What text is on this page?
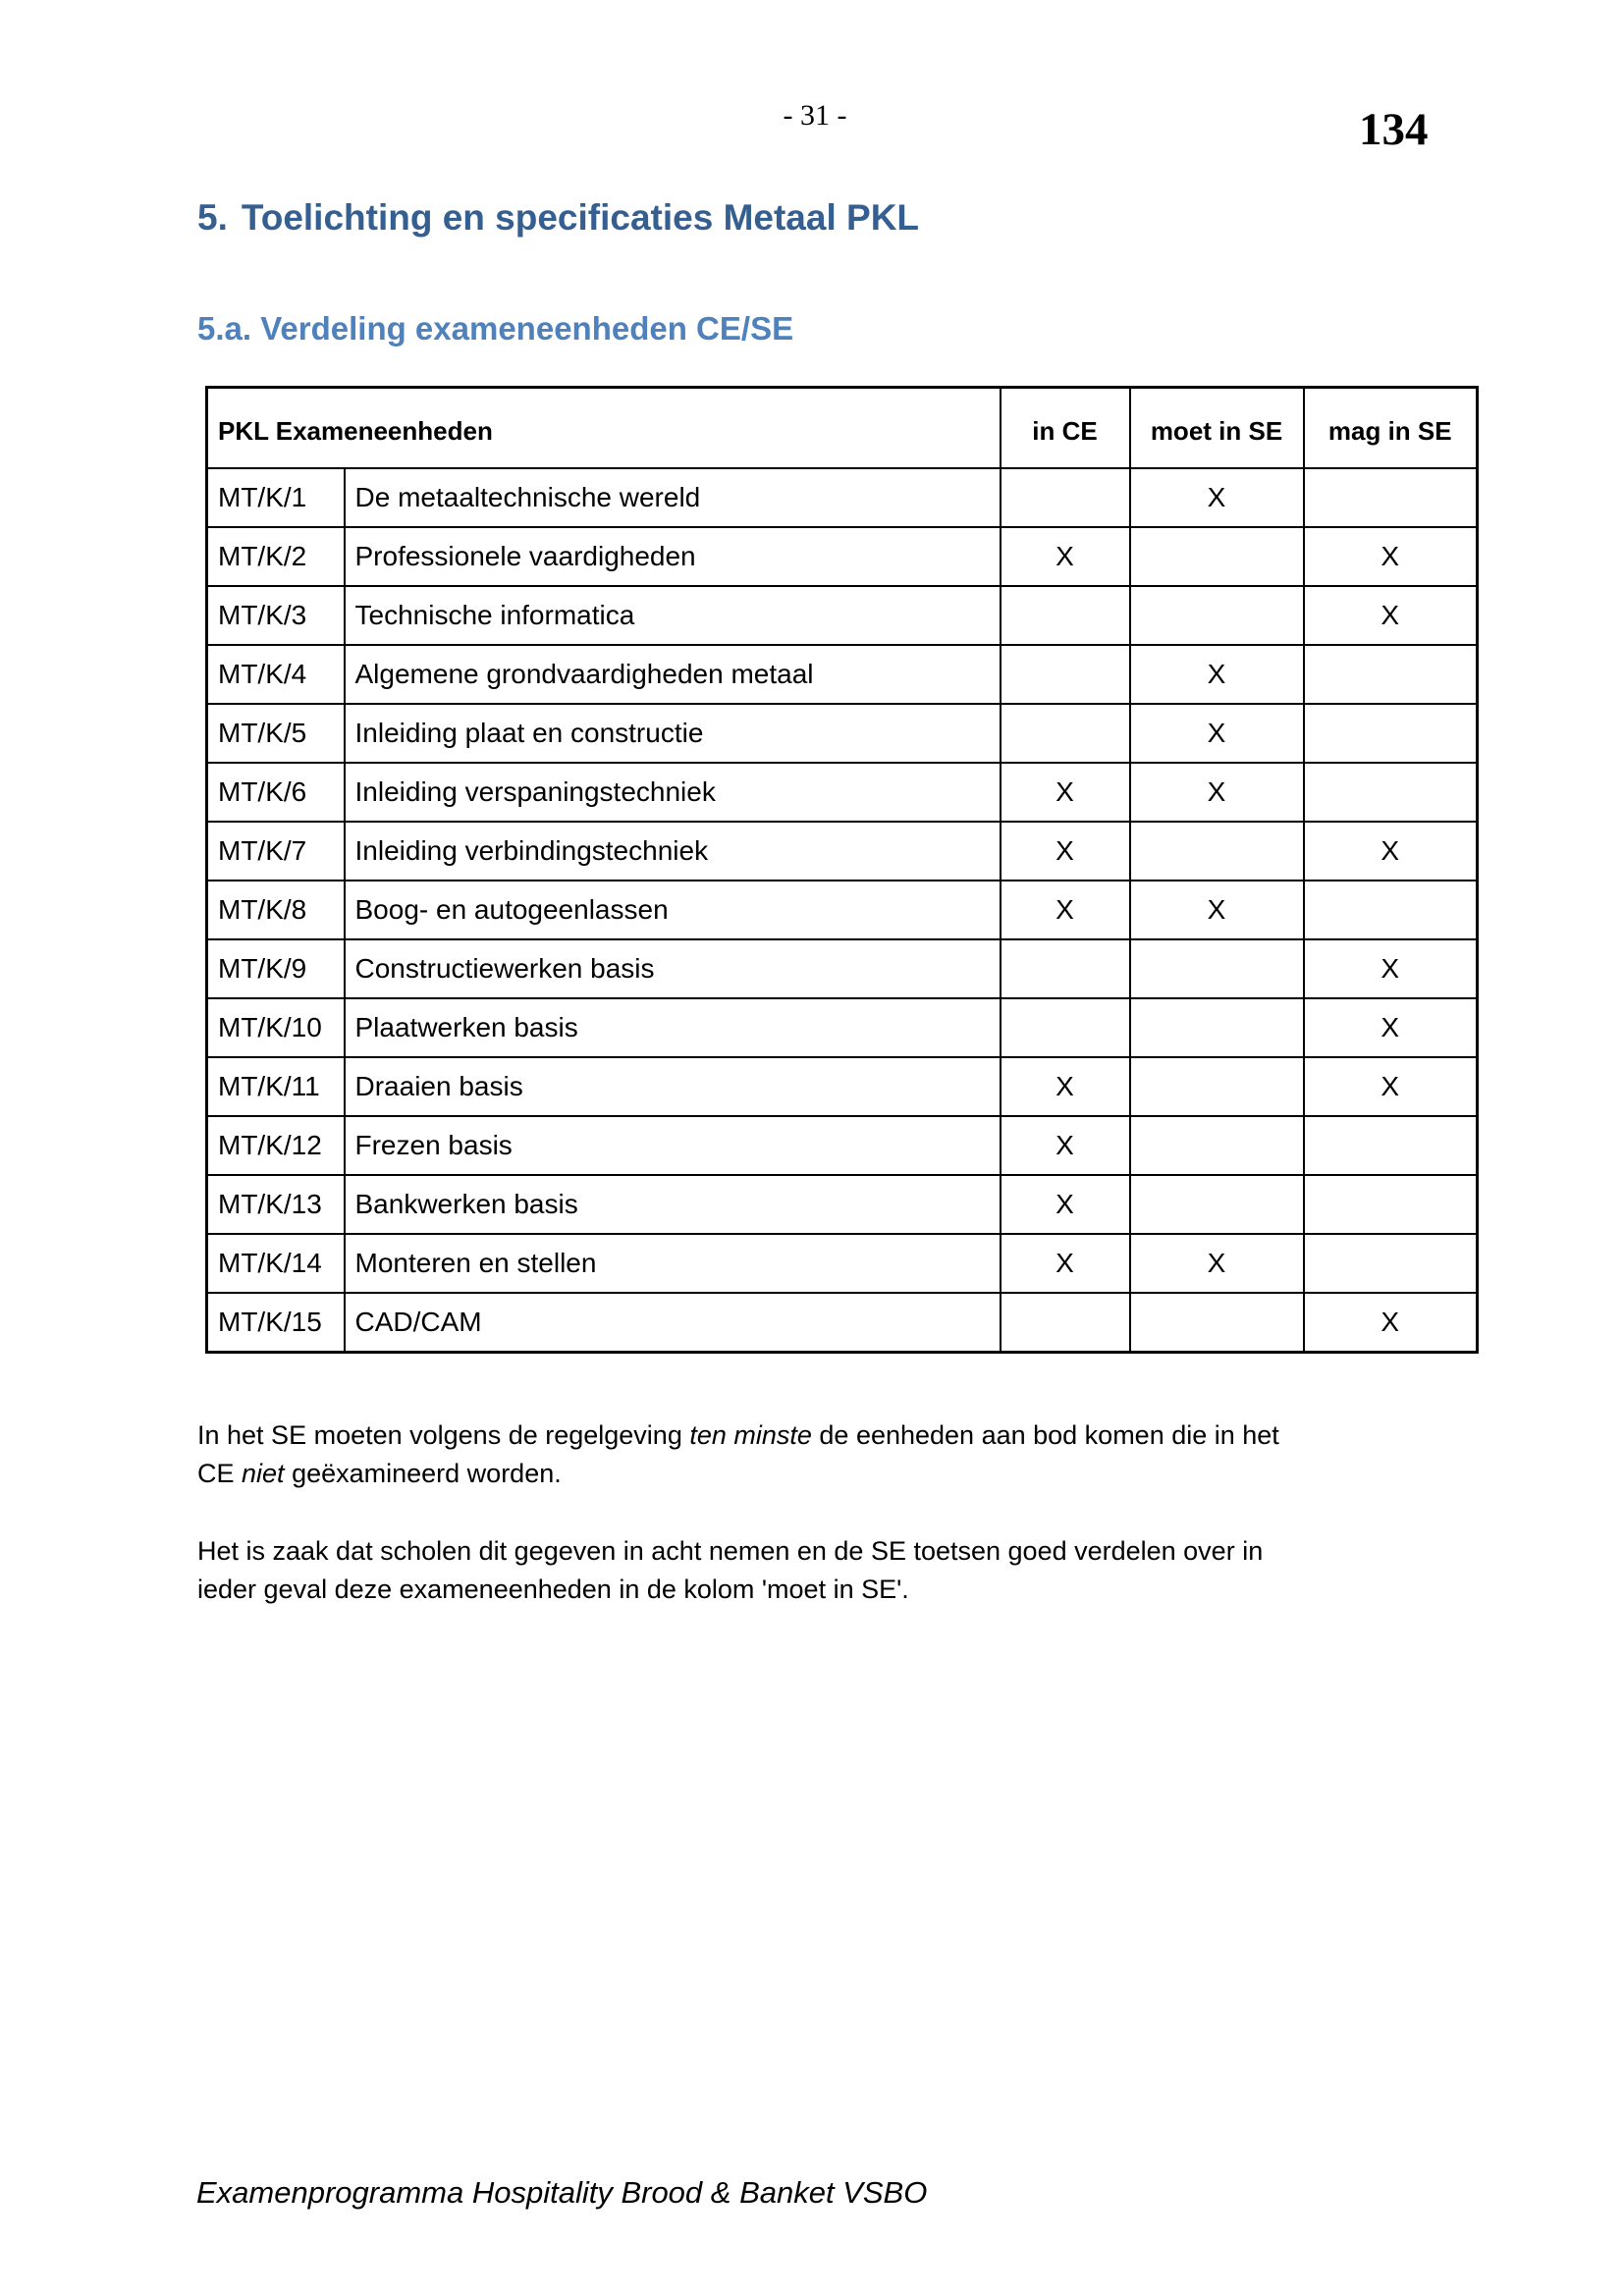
- 31 -	134
5. Toelichting en specificaties Metaal PKL
5.a. Verdeling exameneenheden CE/SE
PKL Exameneenheden		in CE	moet in SE	mag in SE
MT/K/1	De metaaltechnische wereld		X	
MT/K/2	Professionele vaardigheden	X		X
MT/K/3	Technische informatica			X
MT/K/4	Algemene grondvaardigheden metaal		X	
MT/K/5	Inleiding plaat en constructie		X	
MT/K/6	Inleiding verspaningstechniek	X	X	
MT/K/7	Inleiding verbindingstechniek	X		X
MT/K/8	Boog- en autogeenlassen	X	X	
MT/K/9	Constructiewerken basis			X
MT/K/10	Plaatwerken basis			X
MT/K/11	Draaien basis	X		X
MT/K/12	Frezen basis	X		
MT/K/13	Bankwerken basis	X		
MT/K/14	Monteren en stellen	X	X	
MT/K/15	CAD/CAM			X

In het SE moeten volgens de regelgeving ten minste de eenheden aan bod komen die in het

CE niet geëxamineerd worden.

Het is zaak dat scholen dit gegeven in acht nemen en de SE toetsen goed verdelen over in

ieder geval deze exameneenheden in de kolom 'moet in SE'.

Examenprogramma Hospitality Brood & Banket VSBO
